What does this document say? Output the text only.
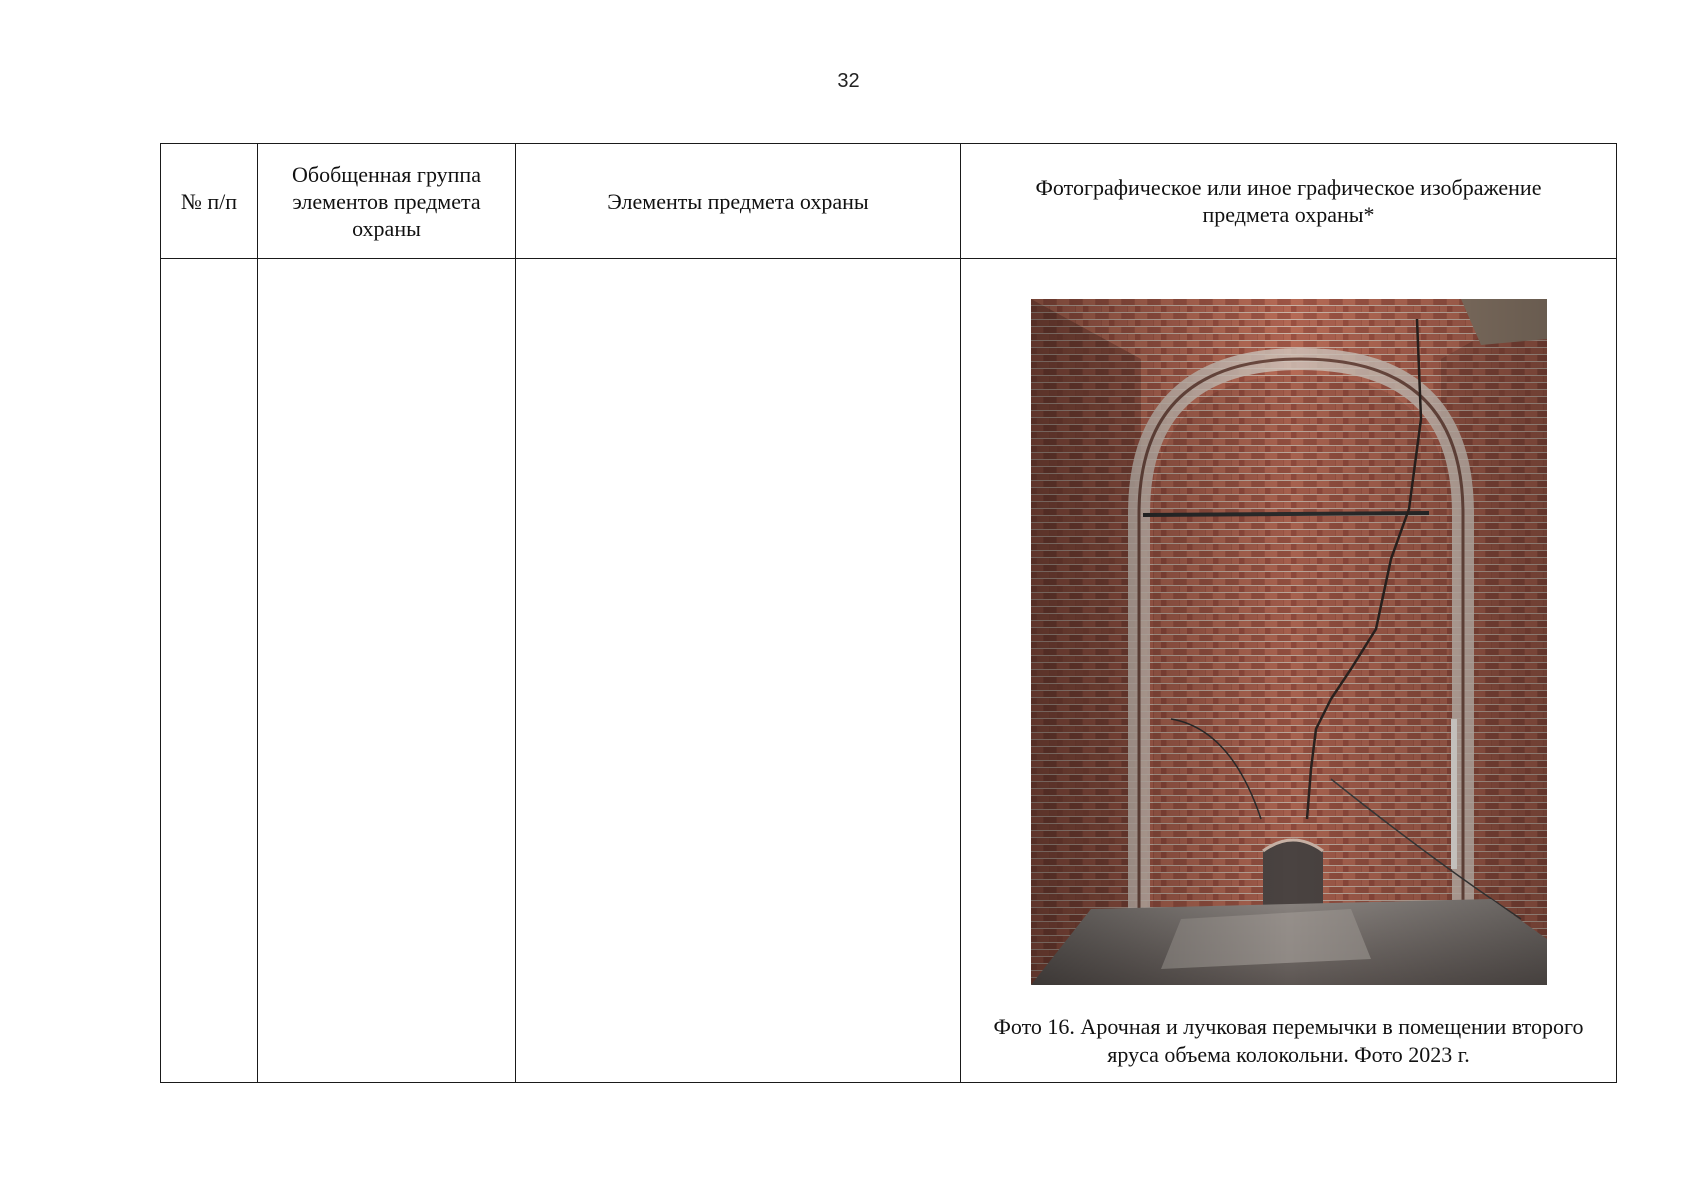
32
№ п/п	Обобщенная группа элементов предмета охраны	Элементы предмета охраны	Фотографическое или иное графическое изображение предмета охраны*

			Фото 16. Арочная и лучковая перемычки в помещении второго яруса объема колокольни. Фото 2023 г.
